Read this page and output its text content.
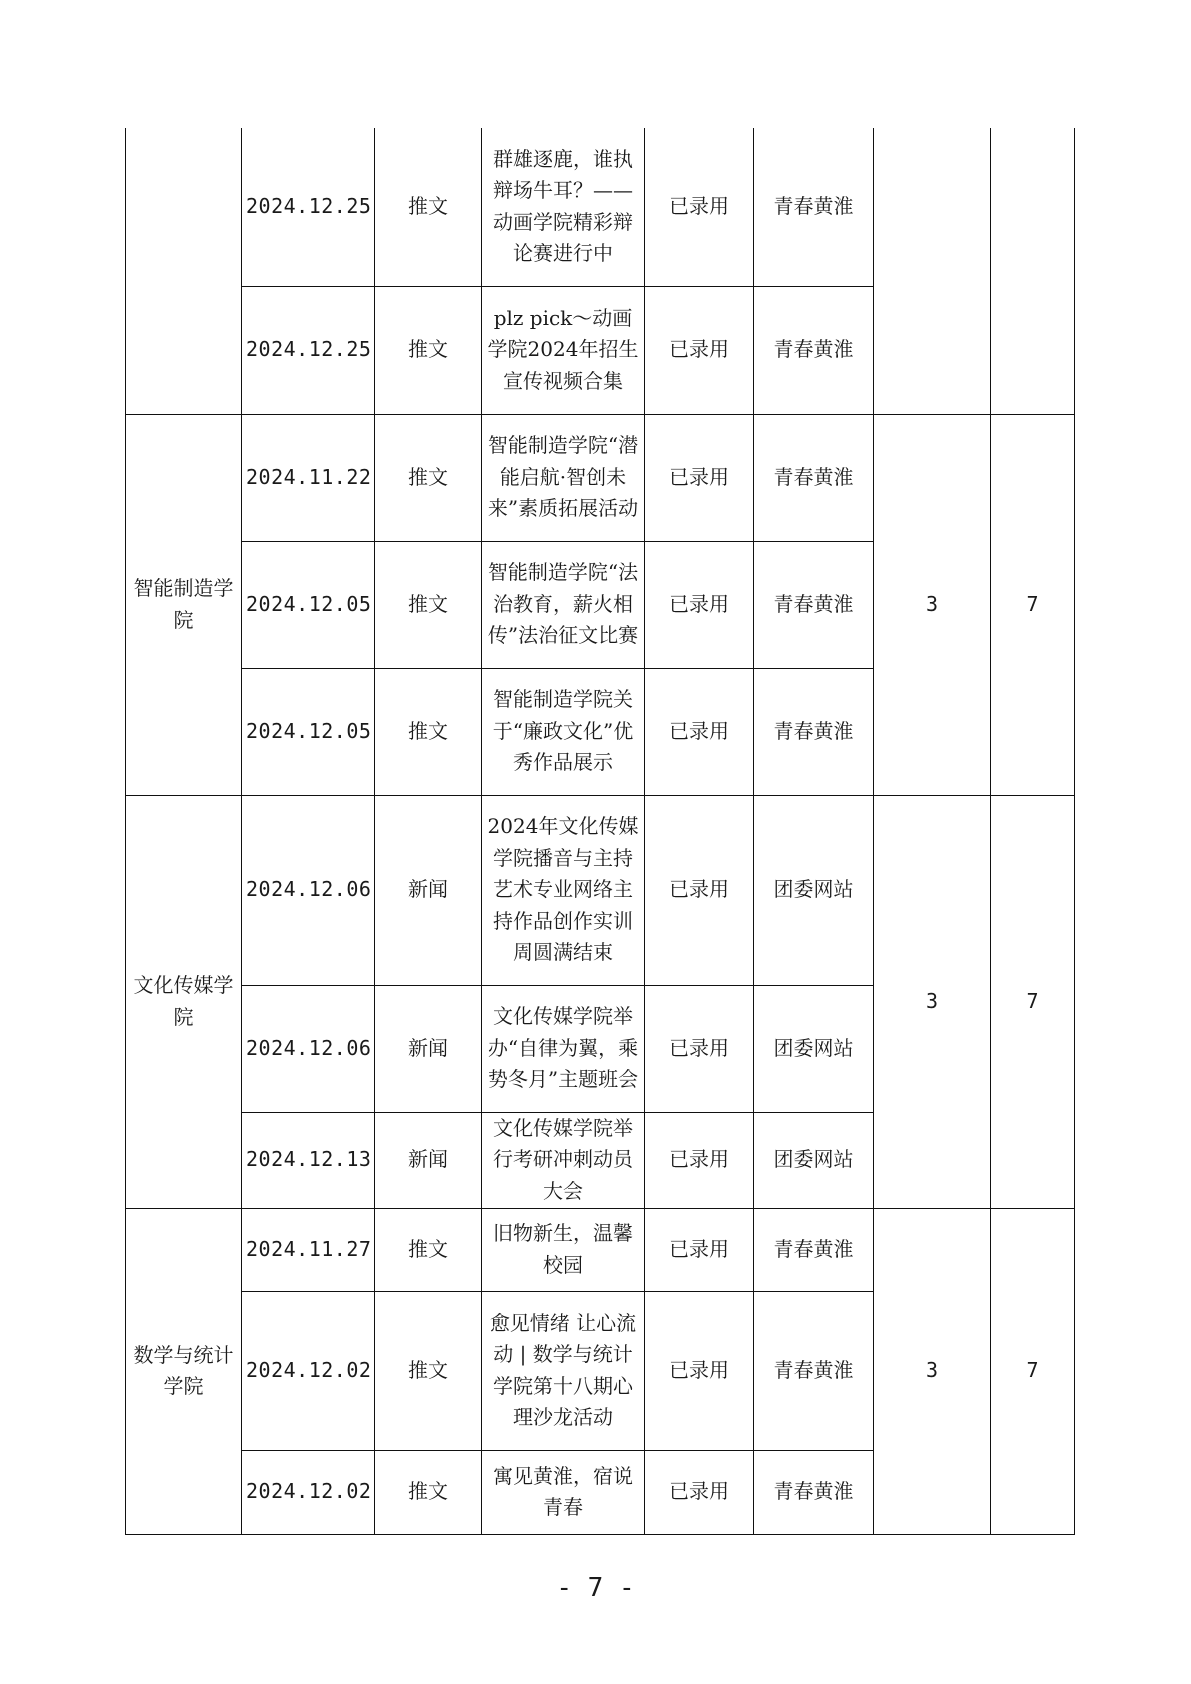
	2024.12.25	推文	群雄逐鹿，谁执辩场牛耳？——动画学院精彩辩论赛进行中	已录用	青春黄淮		
	2024.12.25	推文	plz pick～动画学院2024年招生宣传视频合集	已录用	青春黄淮		
智能制造学院	2024.11.22	推文	智能制造学院“潜能启航·智创未来”素质拓展活动	已录用	青春黄淮	3	7
	2024.12.05	推文	智能制造学院“法治教育，薪火相传”法治征文比赛	已录用	青春黄淮		
	2024.12.05	推文	智能制造学院关于“廉政文化”优秀作品展示	已录用	青春黄淮		
文化传媒学院	2024.12.06	新闻	2024年文化传媒学院播音与主持艺术专业网络主持作品创作实训周圆满结束	已录用	团委网站	3	7
	2024.12.06	新闻	文化传媒学院举办“自律为翼，乘势冬月”主题班会	已录用	团委网站		
	2024.12.13	新闻	文化传媒学院举行考研冲刺动员大会	已录用	团委网站		
数学与统计学院	2024.11.27	推文	旧物新生，温馨校园	已录用	青春黄淮	3	7
	2024.12.02	推文	愈见情绪 让心流动 | 数学与统计学院第十八期心理沙龙活动	已录用	青春黄淮		
	2024.12.02	推文	寓见黄淮，宿说青春	已录用	青春黄淮		
- 7 -
